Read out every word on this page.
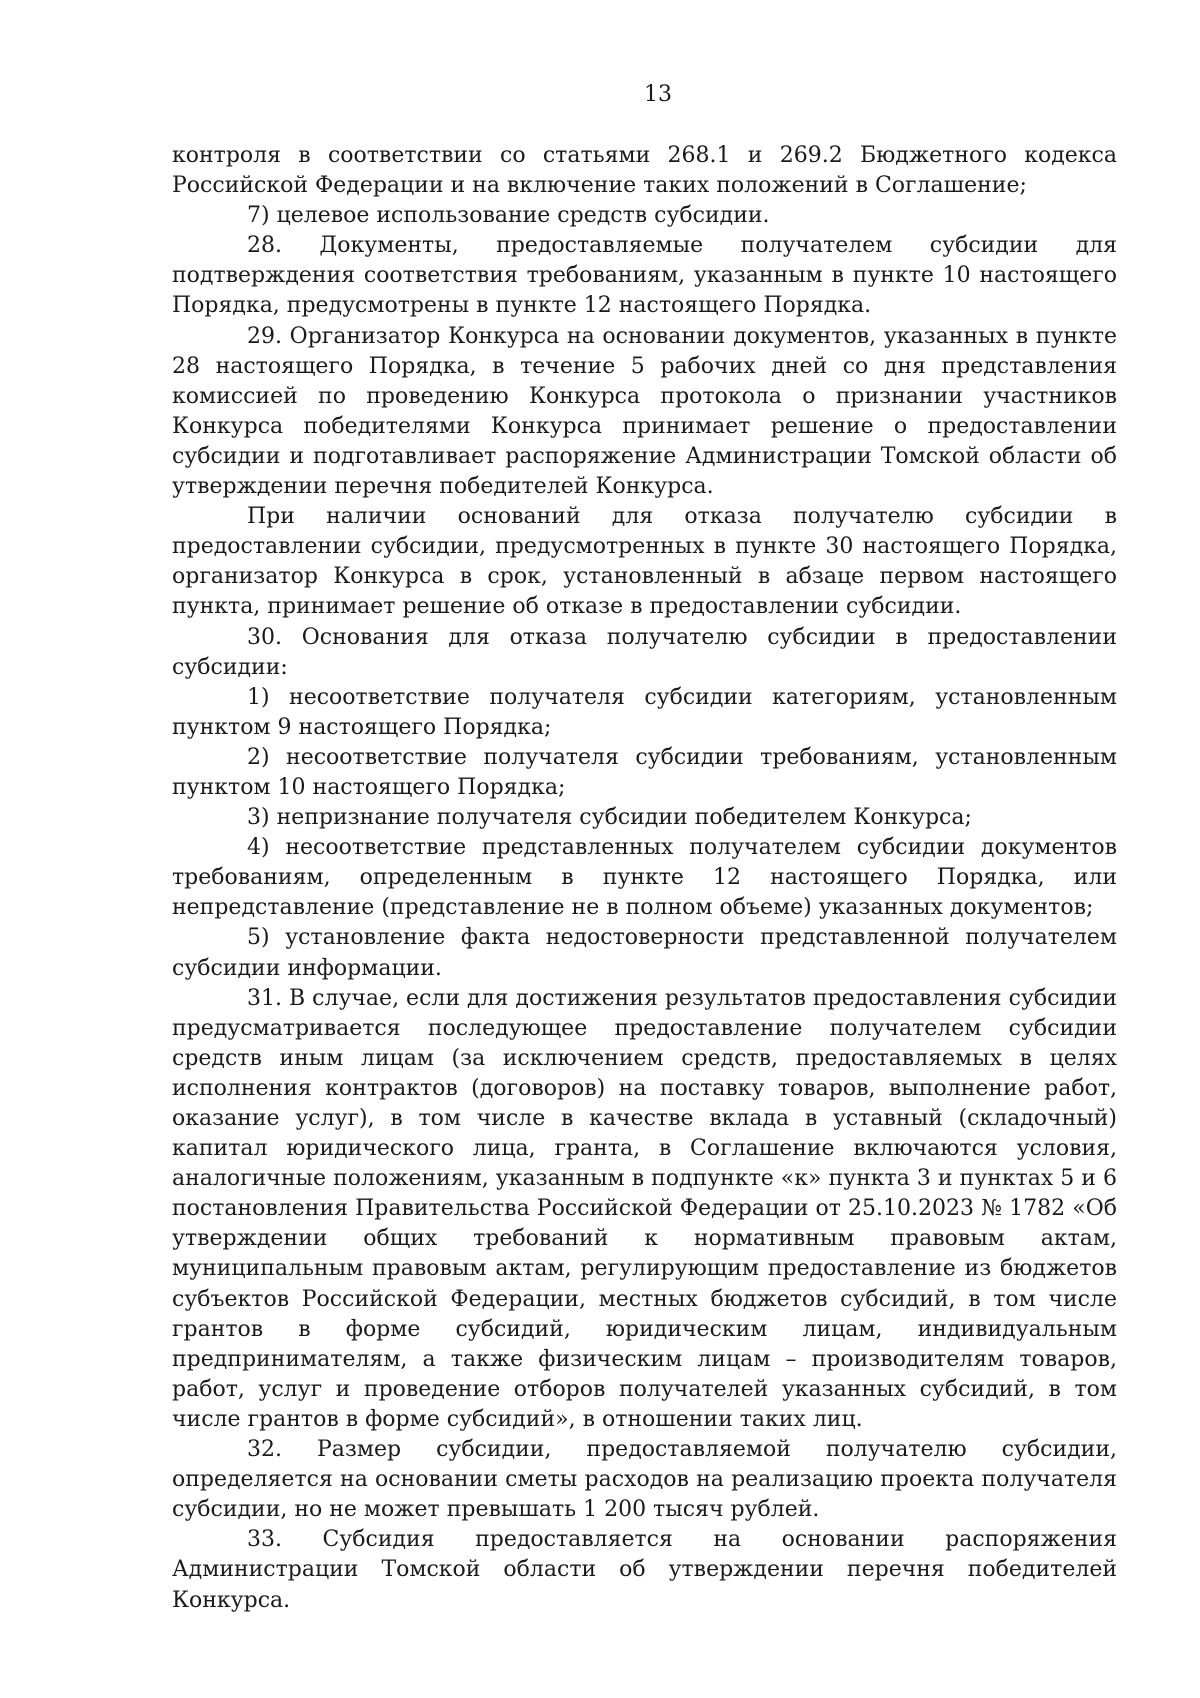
13

контроля в соответствии со статьями 268.1 и 269.2 Бюджетного кодекса Российской Федерации и на включение таких положений в Соглашение;

7) целевое использование средств субсидии.

28. Документы, предоставляемые получателем субсидии для подтверждения соответствия требованиям, указанным в пункте 10 настоящего Порядка, предусмотрены в пункте 12 настоящего Порядка.

29. Организатор Конкурса на основании документов, указанных в пункте 28 настоящего Порядка, в течение 5 рабочих дней со дня представления комиссией по проведению Конкурса протокола о признании участников Конкурса победителями Конкурса принимает решение о предоставлении субсидии и подготавливает распоряжение Администрации Томской области об утверждении перечня победителей Конкурса.

При наличии оснований для отказа получателю субсидии в предоставлении субсидии, предусмотренных в пункте 30 настоящего Порядка, организатор Конкурса в срок, установленный в абзаце первом настоящего пункта, принимает решение об отказе в предоставлении субсидии.

30. Основания для отказа получателю субсидии в предоставлении субсидии:

1) несоответствие получателя субсидии категориям, установленным пунктом 9 настоящего Порядка;

2) несоответствие получателя субсидии требованиям, установленным пунктом 10 настоящего Порядка;

3) непризнание получателя субсидии победителем Конкурса;

4) несоответствие представленных получателем субсидии документов требованиям, определенным в пункте 12 настоящего Порядка, или непредставление (представление не в полном объеме) указанных документов;

5) установление факта недостоверности представленной получателем субсидии информации.

31. В случае, если для достижения результатов предоставления субсидии предусматривается последующее предоставление получателем субсидии средств иным лицам (за исключением средств, предоставляемых в целях исполнения контрактов (договоров) на поставку товаров, выполнение работ, оказание услуг), в том числе в качестве вклада в уставный (складочный) капитал юридического лица, гранта, в Соглашение включаются условия, аналогичные положениям, указанным в подпункте «к» пункта 3 и пунктах 5 и 6 постановления Правительства Российской Федерации от 25.10.2023 № 1782 «Об утверждении общих требований к нормативным правовым актам, муниципальным правовым актам, регулирующим предоставление из бюджетов субъектов Российской Федерации, местных бюджетов субсидий, в том числе грантов в форме субсидий, юридическим лицам, индивидуальным предпринимателям, а также физическим лицам – производителям товаров, работ, услуг и проведение отборов получателей указанных субсидий, в том числе грантов в форме субсидий», в отношении таких лиц.

32. Размер субсидии, предоставляемой получателю субсидии, определяется на основании сметы расходов на реализацию проекта получателя субсидии, но не может превышать 1 200 тысяч рублей.

33. Субсидия предоставляется на основании распоряжения Администрации Томской области об утверждении перечня победителей Конкурса.
